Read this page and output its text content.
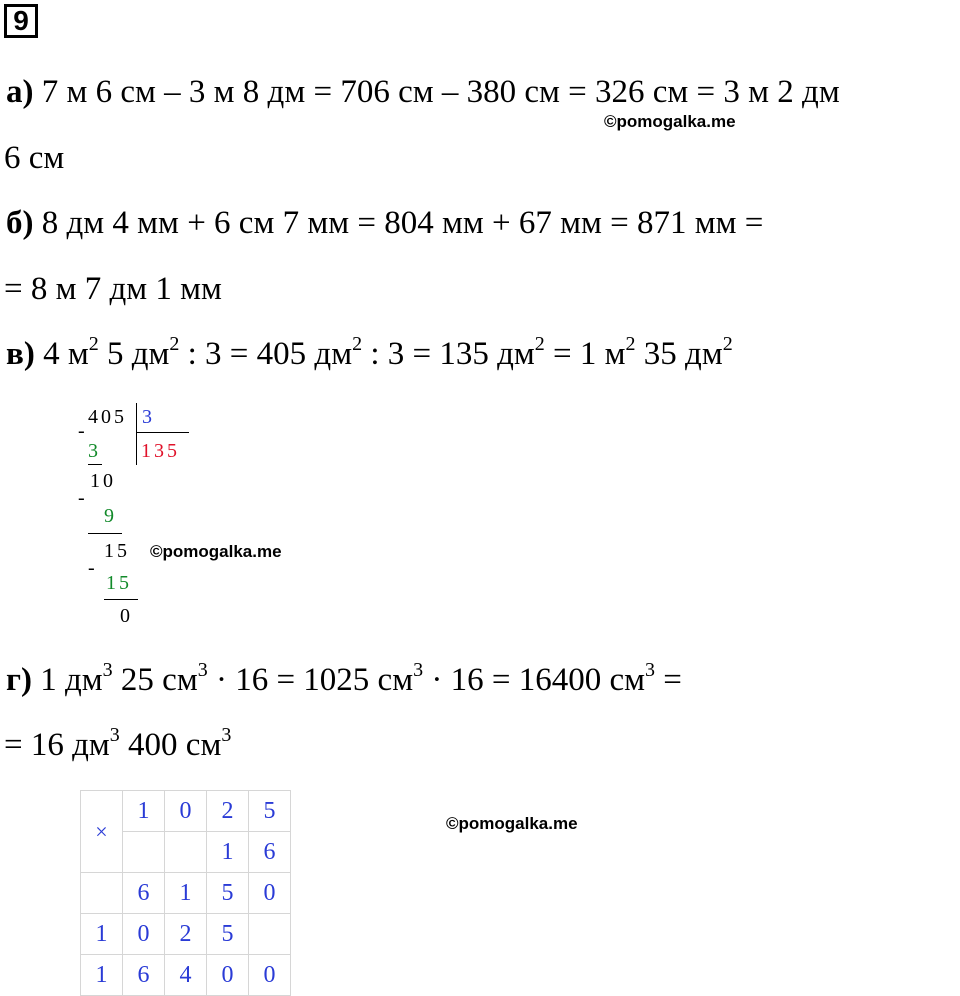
9
а) 7 м 6 см – 3 м 8 дм = 706 см – 380 см = 326 см = 3 м 2 дм
©pomogalka.me
6 см
б) 8 дм 4 мм + 6 см 7 мм = 804 мм + 67 мм = 871 мм =
= 8 м 7 дм 1 мм
в) 4 $м^2$ 5 $дм^2$ : 3 = 405 $дм^2$ : 3 = 135 $дм^2 = 1$ $м^2$ 35 $дм^2$
405 3
135
-
3
10
-
9
15
-
15
0
©pomogalka.me
г) 1 $дм^3$ 25 $см^3 \cdot 16 = 1025$ $см^3 \cdot 16 = 16400$ $см^3$ =
= 16 $дм^3$ 400 $см^3$
×	1	0	2	5
			1	6
	6	1	5	0
1	0	2	5	
1	6	4	0	0
©pomogalka.me
